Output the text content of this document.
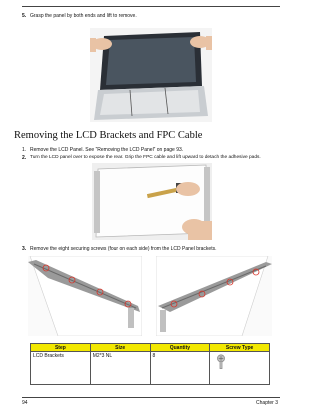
5. Grasp the panel by both ends and lift to remove.
Removing the LCD Brackets and FPC Cable
1. Remove the LCD Panel. See “Removing the LCD Panel” on page 93.
2. Turn the LCD panel over to expose the rear. Grip the FPC cable and lift upward to detach the adhesive pads.
3. Remove the eight securing screws (four on each side) from the LCD Panel brackets.
Step	Size	Quantity	Screw Type
LCD Brackets	M2*3 NL	8	
94	Chapter 3
